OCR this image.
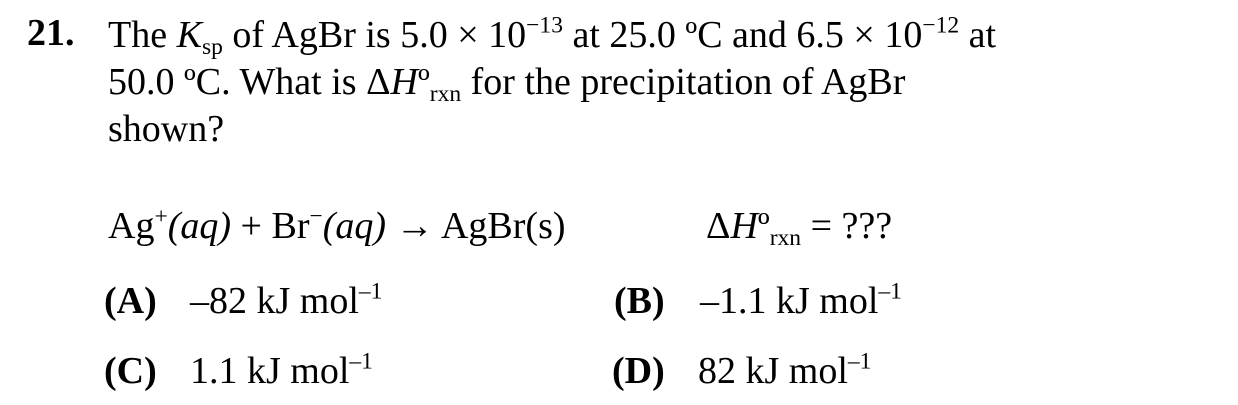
21. The $K_{sp}$ of AgBr is $5.0 \times 10^{-13}$ at 25.0 ºC and $6.5 \times 10^{-12}$ at
50.0 ºC. What is ΔHº$_{rxn}$ for the precipitation of AgBr
shown?
Ag+(aq) + Br−(aq) → AgBr(s)	ΔHº$_{rxn}$ = ???
(A) –82 kJ mol$^{-1}$	(B) –1.1 kJ mol$^{-1}$
(C) 1.1 kJ mol$^{-1}$	(D) 82 kJ mol$^{-1}$
